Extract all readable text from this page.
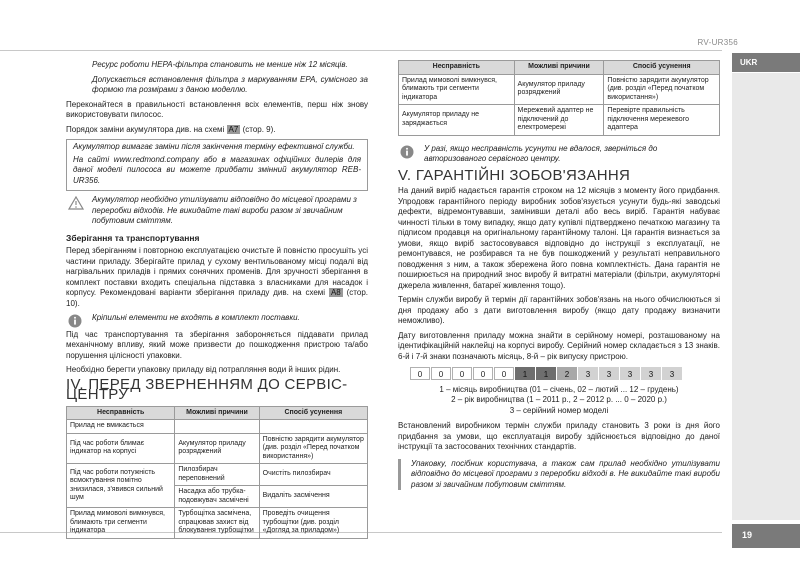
RV-UR356
UKR
19

Ресурс роботи HEPA-фільтра становить не менше ніж 12 місяців.

Допускається встановлення фільтра з маркуванням EPA, сумісного за формою та розмірами з даною моделлю.

Переконайтеся в правильності встановлення всіх елементів, перш ніж знову використовувати пилосос.

Порядок заміни акумулятора див. на схемі A7 (стор. 9).

Акумулятор вимагає заміни після закінчення терміну ефективної служби.

На сайті www.redmond.company або в магазинах офіційних дилерів для даної моделі пилососа ви можете придбати змінний акумулятор REB-UR356.

Акумулятор необхідно утилізувати відповідно до місцевої програми з переробки відходів. Не викидайте такі вироби разом зі звичайним побутовим сміттям.
Зберігання та транспортування

Перед зберіганням і повторною експлуатацією очистьте й повністю просушіть усі частини приладу. Зберігайте прилад у сухому вентильованому місці подалі від нагрівальних приладів і прямих сонячних променів. Для зручності зберігання в комплект поставки входить спеціальна підставка з власниками для насадок і корпусу. Рекомендовані варіанти зберігання приладу див. на схемі A8 (стор. 10).

Кріпильні елементи не входять в комплект поставки.

Під час транспортування та зберігання забороняється піддавати прилад механічному впливу, який може призвести до пошкодження пристрою та/або порушення цілісності упаковки.

Необхідно берегти упаковку приладу від потрапляння води й інших рідин.

IV. ПЕРЕД ЗВЕРНЕННЯМ ДО СЕРВІС-ЦЕНТРУ
Несправність	Можливі причини	Спосіб усунення
Прилад не вмикається		
Під час роботи блимає індикатор на корпусі	Акумулятор приладу розряджений	Повністю зарядити акумулятор (див. розділ «Перед початком використання»)
Під час роботи потужність всмоктування помітно знизилася, з'явився сильний шум	Пилозбирач переповнений	Очистіть пилозбирач
	Насадка або трубка-подовжувач засмічені	Видаліть засмічення
Прилад мимоволі вимкнувся, блимають три сегменти індикатора	Турбощітка засмічена, спрацював захист від блокування турбощітки	Проведіть очищення турбощітки (див. розділ «Догляд за приладом»)
Несправність	Можливі причини	Спосіб усунення
Прилад мимоволі вимкнувся, блимають три сегменти індикатора	Акумулятор приладу розряджений	Повністю зарядити акумулятор (див. розділ «Перед початком використання»)
Акумулятор приладу не заряджається	Мережевий адаптер не підключений до електромережі	Перевірте правильність підключення мережевого адаптера
У разі, якщо несправність усунути не вдалося, зверніться до авторизованого сервісного центру.
V. ГАРАНТІЙНІ ЗОБОВ'ЯЗАННЯ

На даний виріб надається гарантія строком на 12 місяців з моменту його придбання. Упродовж гарантійного періоду виробник зобов'язується усунути будь-які заводські дефекти, відремонтувавши, замінивши деталі або весь виріб. Гарантія набуває чинності тільки в тому випадку, якщо дату купівлі підтверджено печаткою магазину та підписом продавця на оригінальному гарантійному талоні. Ця гарантія визнається за умови, якщо виріб застосовувався відповідно до інструкції з експлуатації, не ремонтувався, не розбирався та не був пошкоджений у результаті неправильного поводження з ним, а також збережена його повна комплектність. Дана гарантія не поширюється на природний знос виробу й витратні матеріали (фільтри, акумуляторні джерела живлення, батареї живлення тощо).

Термін служби виробу й термін дії гарантійних зобов'язань на нього обчислюються зі дня продажу або з дати виготовлення виробу (якщо дату продажу визначити неможливо).

Дату виготовлення приладу можна знайти в серійному номері, розташованому на ідентифікаційній наклейці на корпусі виробу. Серійний номер складається з 13 знаків. 6-й і 7-й знаки позначають місяць, 8-й – рік випуску пристрою.

0 0 0 0 0 1 1 2 3 3 3 3 3

1 – місяць виробництва (01 – січень, 02 – лютий ... 12 – грудень)

2 – рік виробництва (1 – 2011 р., 2 – 2012 р. ... 0 – 2020 р.)

3 – серійний номер моделі

Встановлений виробником термін служби приладу становить 3 роки із дня його придбання за умови, що експлуатація виробу здійснюється відповідно до даної інструкції та застосованих технічних стандартів.

Упаковку, посібник користувача, а також сам прилад необхідно утилізувати відповідно до місцевої програми з переробки відході в. Не викидайте такі вироби разом зі звичайним побутовим сміттям.
